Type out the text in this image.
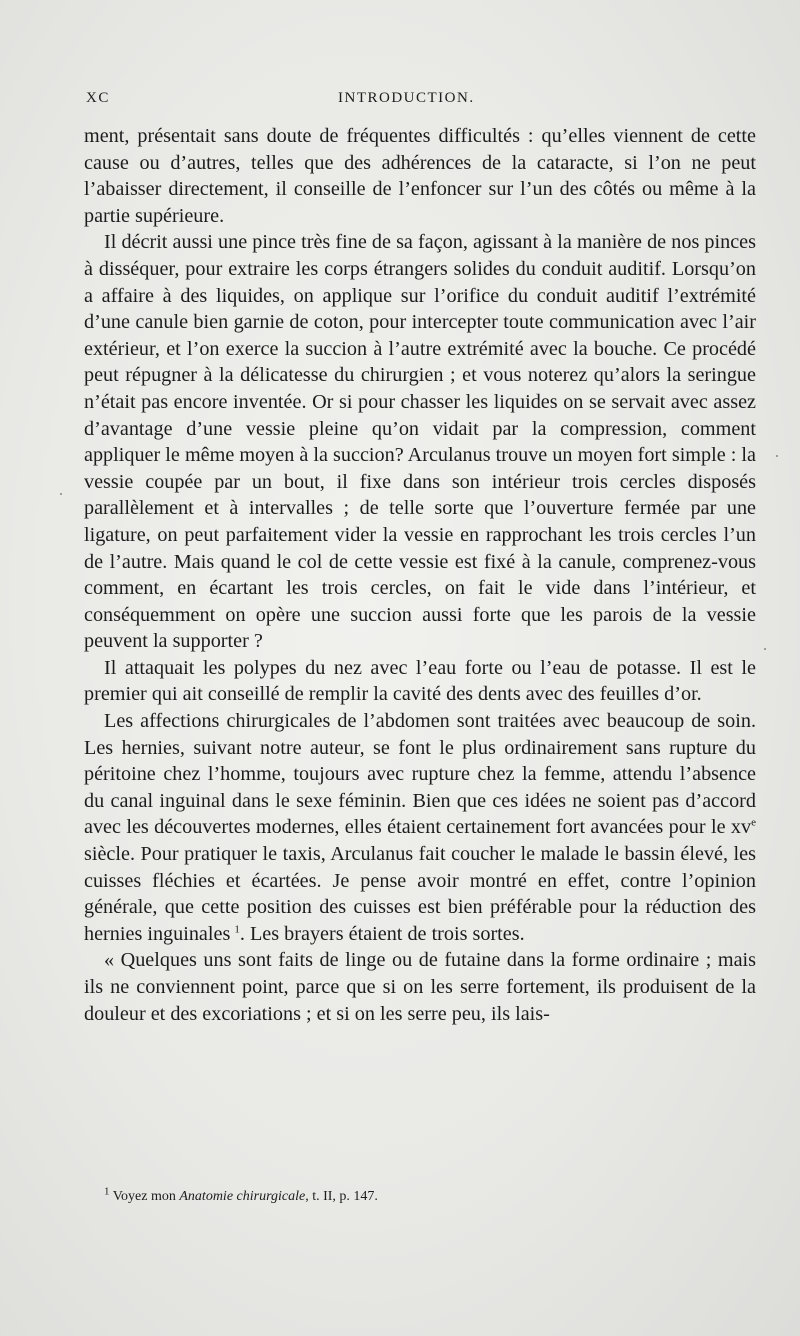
XC	INTRODUCTION.

ment, présentait sans doute de fréquentes difficultés : qu’elles viennent de cette cause ou d’autres, telles que des adhérences de la cataracte, si l’on ne peut l’abaisser directement, il conseille de l’enfoncer sur l’un des côtés ou même à la partie supérieure.

Il décrit aussi une pince très fine de sa façon, agissant à la manière de nos pinces à disséquer, pour extraire les corps étrangers solides du conduit auditif. Lorsqu’on a affaire à des liquides, on applique sur l’orifice du conduit auditif l’extrémité d’une canule bien garnie de coton, pour intercepter toute communication avec l’air extérieur, et l’on exerce la succion à l’autre extrémité avec la bouche. Ce procédé peut répugner à la délicatesse du chirurgien ; et vous noterez qu’alors la seringue n’était pas encore inventée. Or si pour chasser les liquides on se servait avec assez d’avantage d’une vessie pleine qu’on vidait par la compression, comment appliquer le même moyen à la succion? Arculanus trouve un moyen fort simple : la vessie coupée par un bout, il fixe dans son intérieur trois cercles disposés parallèlement et à intervalles ; de telle sorte que l’ouverture fermée par une ligature, on peut parfaitement vider la vessie en rapprochant les trois cercles l’un de l’autre. Mais quand le col de cette vessie est fixé à la canule, comprenez-vous comment, en écartant les trois cercles, on fait le vide dans l’intérieur, et conséquemment on opère une succion aussi forte que les parois de la vessie peuvent la supporter ?

Il attaquait les polypes du nez avec l’eau forte ou l’eau de potasse. Il est le premier qui ait conseillé de remplir la cavité des dents avec des feuilles d’or.

Les affections chirurgicales de l’abdomen sont traitées avec beaucoup de soin. Les hernies, suivant notre auteur, se font le plus ordinairement sans rupture du péritoine chez l’homme, toujours avec rupture chez la femme, attendu l’absence du canal inguinal dans le sexe féminin. Bien que ces idées ne soient pas d’accord avec les découvertes modernes, elles étaient certainement fort avancées pour le $xv^e$ siècle. Pour pratiquer le taxis, Arculanus fait coucher le malade le bassin élevé, les cuisses fléchies et écartées. Je pense avoir montré en effet, contre l’opinion générale, que cette position des cuisses est bien préférable pour la réduction des hernies inguinales  $^1$. Les brayers étaient de trois sortes.

« Quelques uns sont faits de linge ou de futaine dans la forme ordinaire ; mais ils ne conviennent point, parce que si on les serre fortement, ils produisent de la douleur et des excoriations ; et si on les serre peu, ils lais-

$^1$ Voyez mon Anatomie chirurgicale, t. II, p. 147.
